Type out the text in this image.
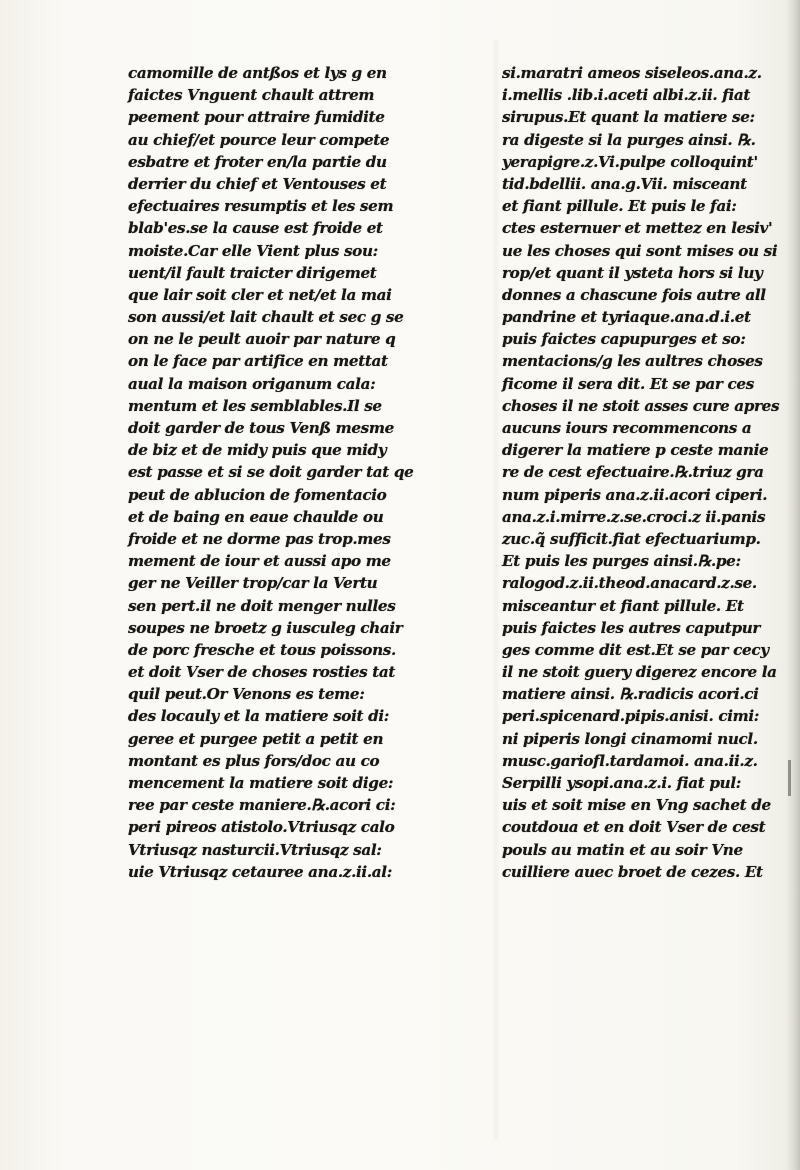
camomille de antßos et lys g en
faictes Vnguent chault attrem
peement pour attraire fumidite
au chief/et pource leur compete
esbatre et froter en/la partie du
derrier du chief et Ventouses et
efectuaires resumptis et les sem
blab'es.se la cause est froide et
moiste.Car elle Vient plus sou:
uent/il fault traicter dirigemet
que lair soit cler et net/et la mai
son aussi/et lait chault et sec g se
on ne le peult auoir par nature q
on le face par artifice en mettat
aual la maison origanum cala:
mentum et les semblables.Il se
doit garder de tous Venß mesme
de biz et de midy puis que midy
est passe et si se doit garder tat qe
peut de ablucion de fomentacio
et de baing en eaue chaulde ou
froide et ne dorme pas trop.mes
mement de iour et aussi apo me
ger ne Veiller trop/car la Vertu
sen pert.il ne doit menger nulles
soupes ne broetz g iusculeg chair
de porc fresche et tous poissons.
et doit Vser de choses rosties tat
quil peut.Or Venons es teme:
des locauly et la matiere soit di:
geree et purgee petit a petit en
montant es plus fors/doc au co
mencement la matiere soit dige:
ree par ceste maniere.℞.acori ci:
peri pireos atistolo.Vtriusqz calo
Vtriusqz nasturcii.Vtriusqz sal:
uie Vtriusqz cetauree ana.z.ii.al:
si.maratri ameos siseleos.ana.z.
i.mellis .lib.i.aceti albi.z.ii. fiat
sirupus.Et quant la matiere se:
ra digeste si la purges ainsi. ℞.
yerapigre.z.Vi.pulpe colloquint'
tid.bdellii. ana.g.Vii. misceant
et fiant pillule. Et puis le fai:
ctes esternuer et mettez en lesiv'
ue les choses qui sont mises ou si
rop/et quant il ysteta hors si luy
donnes a chascune fois autre all
pandrine et tyriaque.ana.d.i.et
puis faictes capupurges et so:
mentacions/g les aultres choses
ficome il sera dit. Et se par ces
choses il ne stoit asses cure apres
aucuns iours recommencons a
digerer la matiere p ceste manie
re de cest efectuaire.℞.triuz gra
num piperis ana.z.ii.acori ciperi.
ana.z.i.mirre.z.se.croci.z ii.panis
zuc.q̃ sufficit.fiat efectuariump.
Et puis les purges ainsi.℞.pe:
ralogod.z.ii.theod.anacard.z.se.
misceantur et fiant pillule. Et
puis faictes les autres caputpur
ges comme dit est.Et se par cecy
il ne stoit guery digerez encore la
matiere ainsi. ℞.radicis acori.ci
peri.spicenard.pipis.anisi. cimi:
ni piperis longi cinamomi nucl.
musc.gariofl.tardamoi. ana.ii.z.
Serpilli ysopi.ana.z.i. fiat pul:
uis et soit mise en Vng sachet de
coutdoua et en doit Vser de cest
pouls au matin et au soir Vne
cuilliere auec broet de cezes. Et
